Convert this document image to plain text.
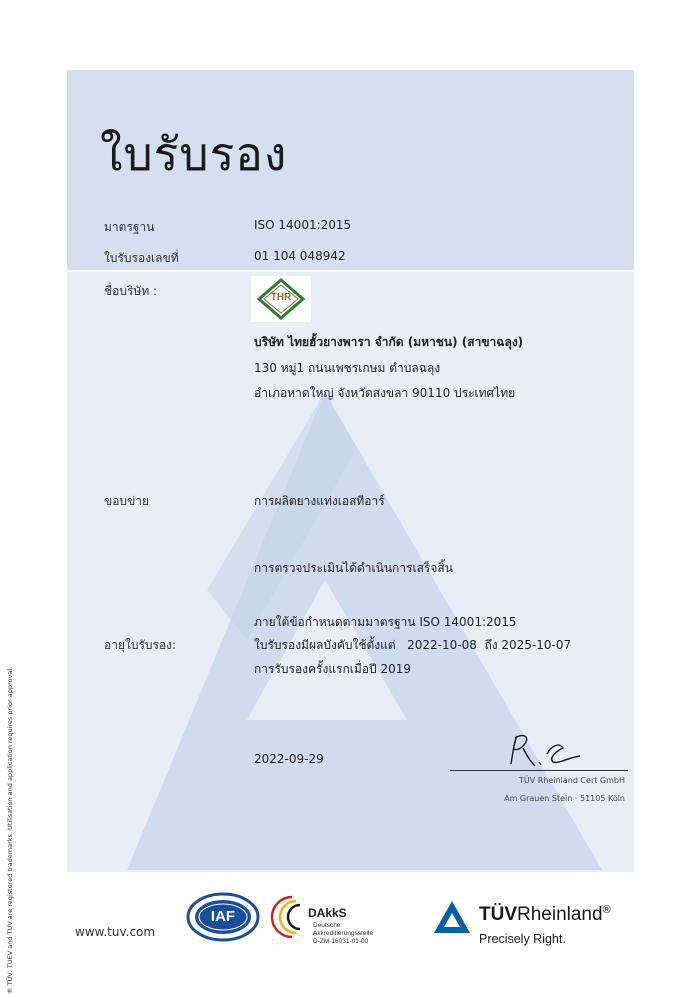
ใบรับรอง
มาตรฐาน	ISO 14001:2015
ใบรับรองเลขที่	01 104 048942
ชื่อบริษัท :	THR
บริษัท ไทยฮั้วยางพารา จำกัด (มหาชน) (สาขาฉลุง)
130 หมู่1 ถนนเพชรเกษม ตำบลฉลุง
อำเภอหาดใหญ่ จังหวัดสงขลา 90110 ประเทศไทย
ขอบข่าย	การผลิตยางแท่งเอสทีอาร์
การตรวจประเมินได้ดำเนินการเสร็จสิ้น
ภายใต้ข้อกำหนดตามมาตรฐาน ISO 14001:2015
อายุใบรับรอง:	ใบรับรองมีผลบังคับใช้ตั้งแต่   2022-10-08  ถึง 2025-10-07
การรับรองครั้งแรกเมื่อปี 2019
2022-09-29
TÜV Rheinland Cert GmbH
Am Grauen Stein · 51105 Köln
® TÜV, TUEV and TUV are registered trademarks. Utilisation and application requires prior approval.	www.tuv.com
IAF	DAkkS
Deutsche
Akkreditierungsstelle
D-ZM-16031-01-00
TÜVRheinland®
Precisely Right.
